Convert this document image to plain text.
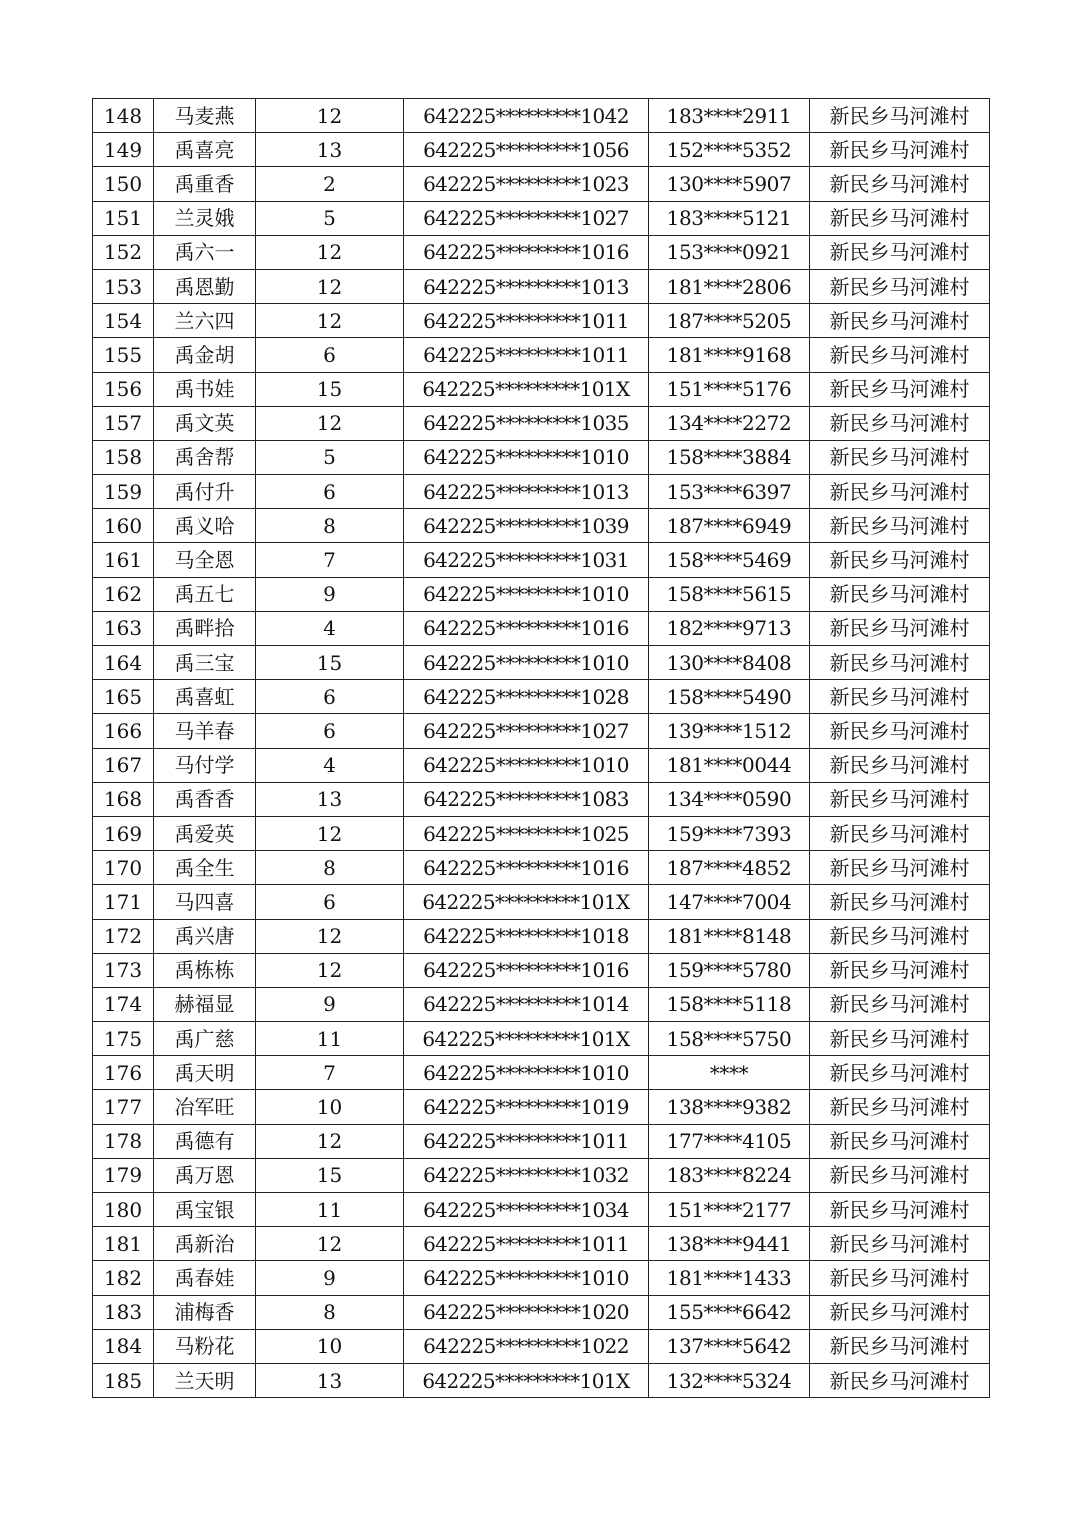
148	马麦燕	12	642225*********1042	183****2911	新民乡马河滩村
149	禹喜亮	13	642225*********1056	152****5352	新民乡马河滩村
150	禹重香	2	642225*********1023	130****5907	新民乡马河滩村
151	兰灵娥	5	642225*********1027	183****5121	新民乡马河滩村
152	禹六一	12	642225*********1016	153****0921	新民乡马河滩村
153	禹恩勤	12	642225*********1013	181****2806	新民乡马河滩村
154	兰六四	12	642225*********1011	187****5205	新民乡马河滩村
155	禹金胡	6	642225*********1011	181****9168	新民乡马河滩村
156	禹书娃	15	642225*********101X	151****5176	新民乡马河滩村
157	禹文英	12	642225*********1035	134****2272	新民乡马河滩村
158	禹舍帮	5	642225*********1010	158****3884	新民乡马河滩村
159	禹付升	6	642225*********1013	153****6397	新民乡马河滩村
160	禹义哈	8	642225*********1039	187****6949	新民乡马河滩村
161	马全恩	7	642225*********1031	158****5469	新民乡马河滩村
162	禹五七	9	642225*********1010	158****5615	新民乡马河滩村
163	禹畔拾	4	642225*********1016	182****9713	新民乡马河滩村
164	禹三宝	15	642225*********1010	130****8408	新民乡马河滩村
165	禹喜虹	6	642225*********1028	158****5490	新民乡马河滩村
166	马羊春	6	642225*********1027	139****1512	新民乡马河滩村
167	马付学	4	642225*********1010	181****0044	新民乡马河滩村
168	禹香香	13	642225*********1083	134****0590	新民乡马河滩村
169	禹爱英	12	642225*********1025	159****7393	新民乡马河滩村
170	禹全生	8	642225*********1016	187****4852	新民乡马河滩村
171	马四喜	6	642225*********101X	147****7004	新民乡马河滩村
172	禹兴唐	12	642225*********1018	181****8148	新民乡马河滩村
173	禹栋栋	12	642225*********1016	159****5780	新民乡马河滩村
174	赫福显	9	642225*********1014	158****5118	新民乡马河滩村
175	禹广慈	11	642225*********101X	158****5750	新民乡马河滩村
176	禹天明	7	642225*********1010	****	新民乡马河滩村
177	冶军旺	10	642225*********1019	138****9382	新民乡马河滩村
178	禹德有	12	642225*********1011	177****4105	新民乡马河滩村
179	禹万恩	15	642225*********1032	183****8224	新民乡马河滩村
180	禹宝银	11	642225*********1034	151****2177	新民乡马河滩村
181	禹新治	12	642225*********1011	138****9441	新民乡马河滩村
182	禹春娃	9	642225*********1010	181****1433	新民乡马河滩村
183	浦梅香	8	642225*********1020	155****6642	新民乡马河滩村
184	马粉花	10	642225*********1022	137****5642	新民乡马河滩村
185	兰天明	13	642225*********101X	132****5324	新民乡马河滩村
